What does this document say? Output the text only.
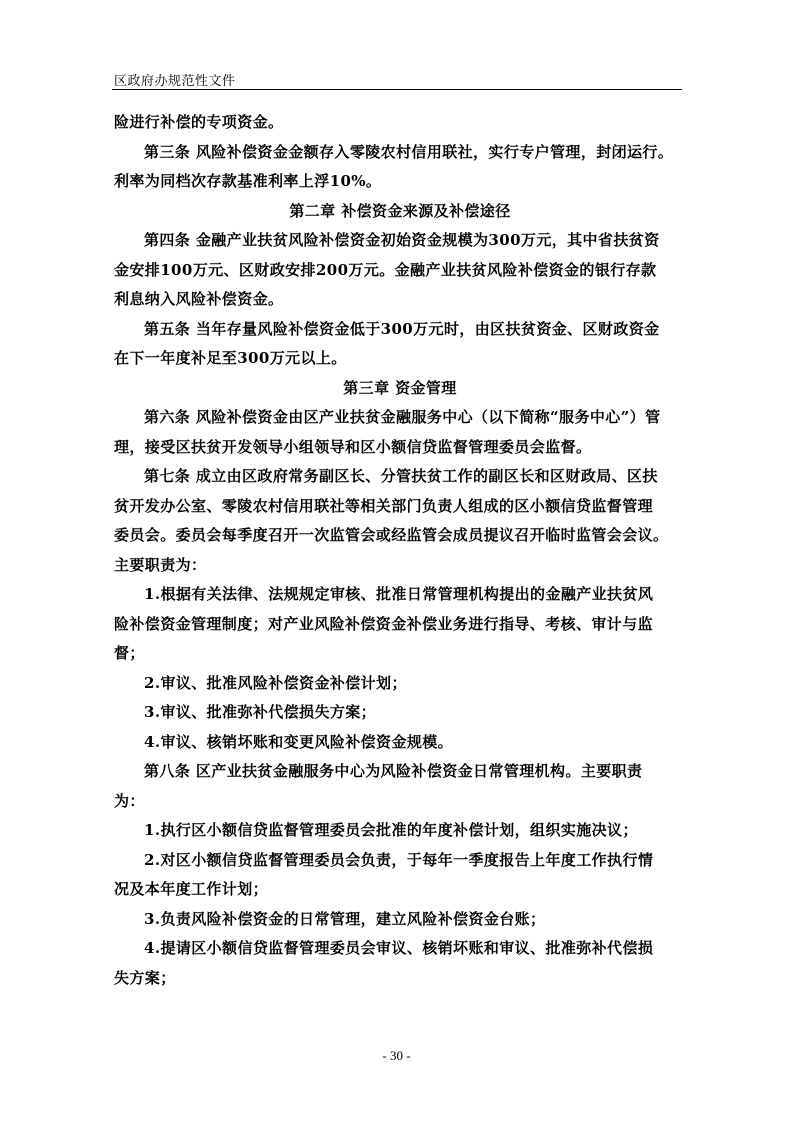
区政府办规范性文件
险进行补偿的专项资金。
第三条 风险补偿资金金额存入零陵农村信用联社，实行专户管理，封闭运行。
利率为同档次存款基准利率上浮10%。
第二章 补偿资金来源及补偿途径
第四条 金融产业扶贫风险补偿资金初始资金规模为300万元，其中省扶贫资
金安排100万元、区财政安排200万元。金融产业扶贫风险补偿资金的银行存款
利息纳入风险补偿资金。
第五条 当年存量风险补偿资金低于300万元时，由区扶贫资金、区财政资金
在下一年度补足至300万元以上。
第三章 资金管理
第六条 风险补偿资金由区产业扶贫金融服务中心（以下简称“服务中心”）管
理，接受区扶贫开发领导小组领导和区小额信贷监督管理委员会监督。
第七条 成立由区政府常务副区长、分管扶贫工作的副区长和区财政局、区扶
贫开发办公室、零陵农村信用联社等相关部门负责人组成的区小额信贷监督管理
委员会。委员会每季度召开一次监管会或经监管会成员提议召开临时监管会会议。
主要职责为：
1.根据有关法律、法规规定审核、批准日常管理机构提出的金融产业扶贫风
险补偿资金管理制度；对产业风险补偿资金补偿业务进行指导、考核、审计与监
督；
2.审议、批准风险补偿资金补偿计划；
3.审议、批准弥补代偿损失方案；
4.审议、核销坏账和变更风险补偿资金规模。
第八条 区产业扶贫金融服务中心为风险补偿资金日常管理机构。主要职责
为：
1.执行区小额信贷监督管理委员会批准的年度补偿计划，组织实施决议；
2.对区小额信贷监督管理委员会负责，于每年一季度报告上年度工作执行情
况及本年度工作计划；
3.负责风险补偿资金的日常管理，建立风险补偿资金台账；
4.提请区小额信贷监督管理委员会审议、核销坏账和审议、批准弥补代偿损
失方案；
- 30 -
